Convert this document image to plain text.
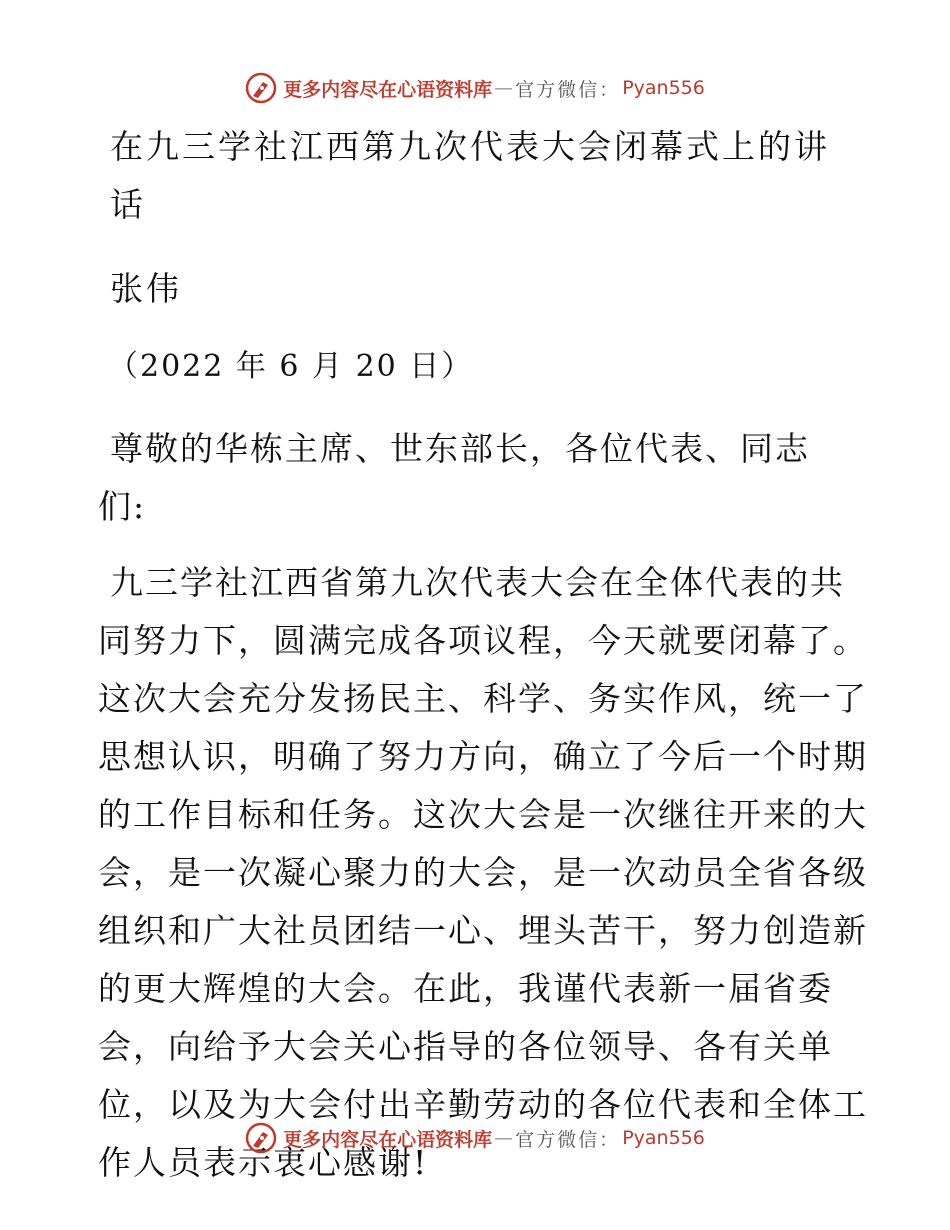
更多内容尽在心语资料库 — 官方微信： Pyan556
在九三学社江西第九次代表大会闭幕式上的讲话
张伟
（2022 年 6 月 20 日）
尊敬的华栋主席、世东部长，各位代表、同志
们:
九三学社江西省第九次代表大会在全体代表的共
同努力下，圆满完成各项议程，今天就要闭幕了。
这次大会充分发扬民主、科学、务实作风，统一了
思想认识，明确了努力方向，确立了今后一个时期
的工作目标和任务。这次大会是一次继往开来的大
会，是一次凝心聚力的大会，是一次动员全省各级
组织和广大社员团结一心、埋头苦干，努力创造新
的更大辉煌的大会。在此，我谨代表新一届省委
会，向给予大会关心指导的各位领导、各有关单
位，以及为大会付出辛勤劳动的各位代表和全体工
作人员表示衷心感谢!
更多内容尽在心语资料库 — 官方微信： Pyan556
